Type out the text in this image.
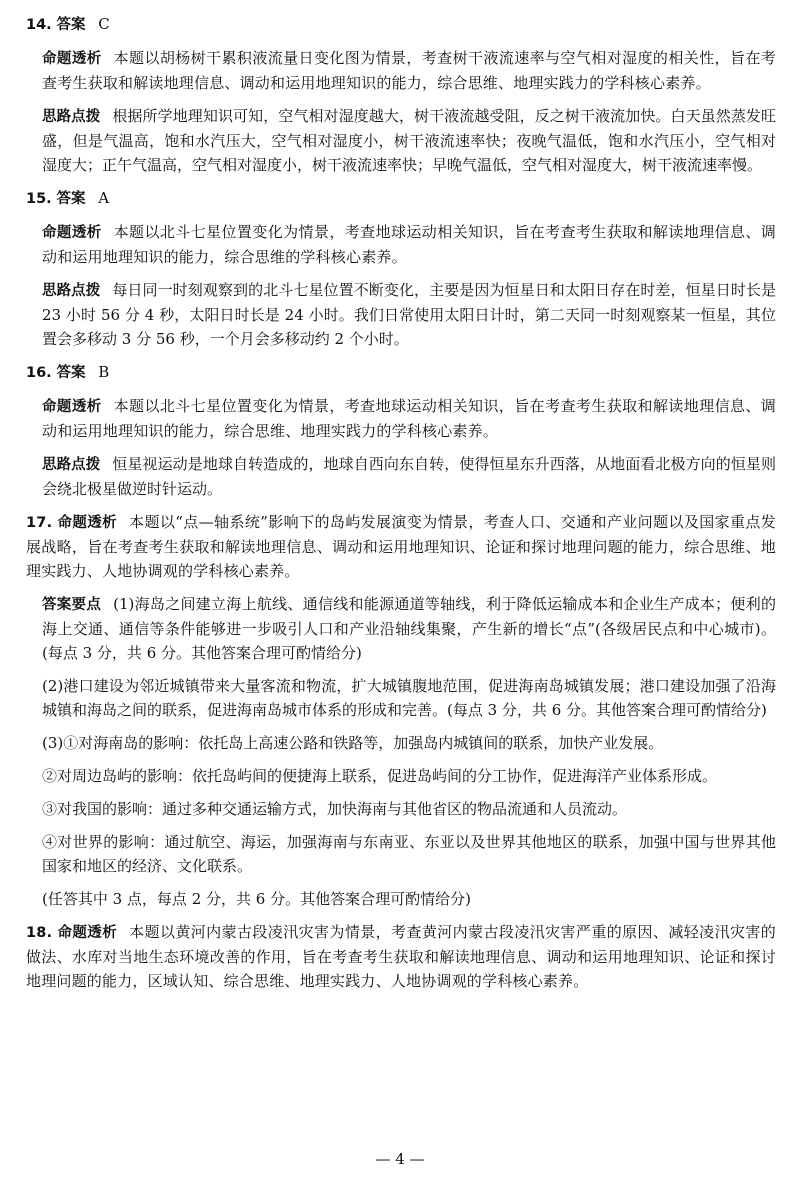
14. 答案 C
命题透析 本题以胡杨树干累积液流量日变化图为情景，考查树干液流速率与空气相对湿度的相关性，旨在考查考生获取和解读地理信息、调动和运用地理知识的能力，综合思维、地理实践力的学科核心素养。
思路点拨 根据所学地理知识可知，空气相对湿度越大，树干液流越受阻，反之树干液流加快。白天虽然蒸发旺盛，但是气温高，饱和水汽压大，空气相对湿度小，树干液流速率快；夜晚气温低，饱和水汽压小，空气相对湿度大；正午气温高，空气相对湿度小，树干液流速率快；早晚气温低，空气相对湿度大，树干液流速率慢。
15. 答案 A
命题透析 本题以北斗七星位置变化为情景，考查地球运动相关知识，旨在考查考生获取和解读地理信息、调动和运用地理知识的能力，综合思维的学科核心素养。
思路点拨 每日同一时刻观察到的北斗七星位置不断变化，主要是因为恒星日和太阳日存在时差，恒星日时长是 23 小时 56 分 4 秒，太阳日时长是 24 小时。我们日常使用太阳日计时，第二天同一时刻观察某一恒星，其位置会多移动 3 分 56 秒，一个月会多移动约 2 个小时。
16. 答案 B
命题透析 本题以北斗七星位置变化为情景，考查地球运动相关知识，旨在考查考生获取和解读地理信息、调动和运用地理知识的能力，综合思维、地理实践力的学科核心素养。
思路点拨 恒星视运动是地球自转造成的，地球自西向东自转，使得恒星东升西落，从地面看北极方向的恒星则会绕北极星做逆时针运动。
17. 命题透析 本题以“点—轴系统”影响下的岛屿发展演变为情景，考查人口、交通和产业问题以及国家重点发展战略，旨在考查考生获取和解读地理信息、调动和运用地理知识、论证和探讨地理问题的能力，综合思维、地理实践力、人地协调观的学科核心素养。
答案要点 (1)海岛之间建立海上航线、通信线和能源通道等轴线，利于降低运输成本和企业生产成本；便利的海上交通、通信等条件能够进一步吸引人口和产业沿轴线集聚，产生新的增长“点”(各级居民点和中心城市)。(每点 3 分，共 6 分。其他答案合理可酌情给分)
(2)港口建设为邻近城镇带来大量客流和物流，扩大城镇腹地范围，促进海南岛城镇发展；港口建设加强了沿海城镇和海岛之间的联系，促进海南岛城市体系的形成和完善。(每点 3 分，共 6 分。其他答案合理可酌情给分)
(3)①对海南岛的影响：依托岛上高速公路和铁路等，加强岛内城镇间的联系，加快产业发展。
②对周边岛屿的影响：依托岛屿间的便捷海上联系，促进岛屿间的分工协作，促进海洋产业体系形成。
③对我国的影响：通过多种交通运输方式，加快海南与其他省区的物品流通和人员流动。
④对世界的影响：通过航空、海运，加强海南与东南亚、东亚以及世界其他地区的联系，加强中国与世界其他国家和地区的经济、文化联系。
(任答其中 3 点，每点 2 分，共 6 分。其他答案合理可酌情给分)
18. 命题透析 本题以黄河内蒙古段凌汛灾害为情景，考查黄河内蒙古段凌汛灾害严重的原因、减轻凌汛灾害的做法、水库对当地生态环境改善的作用，旨在考查考生获取和解读地理信息、调动和运用地理知识、论证和探讨地理问题的能力，区域认知、综合思维、地理实践力、人地协调观的学科核心素养。
— 4 —
